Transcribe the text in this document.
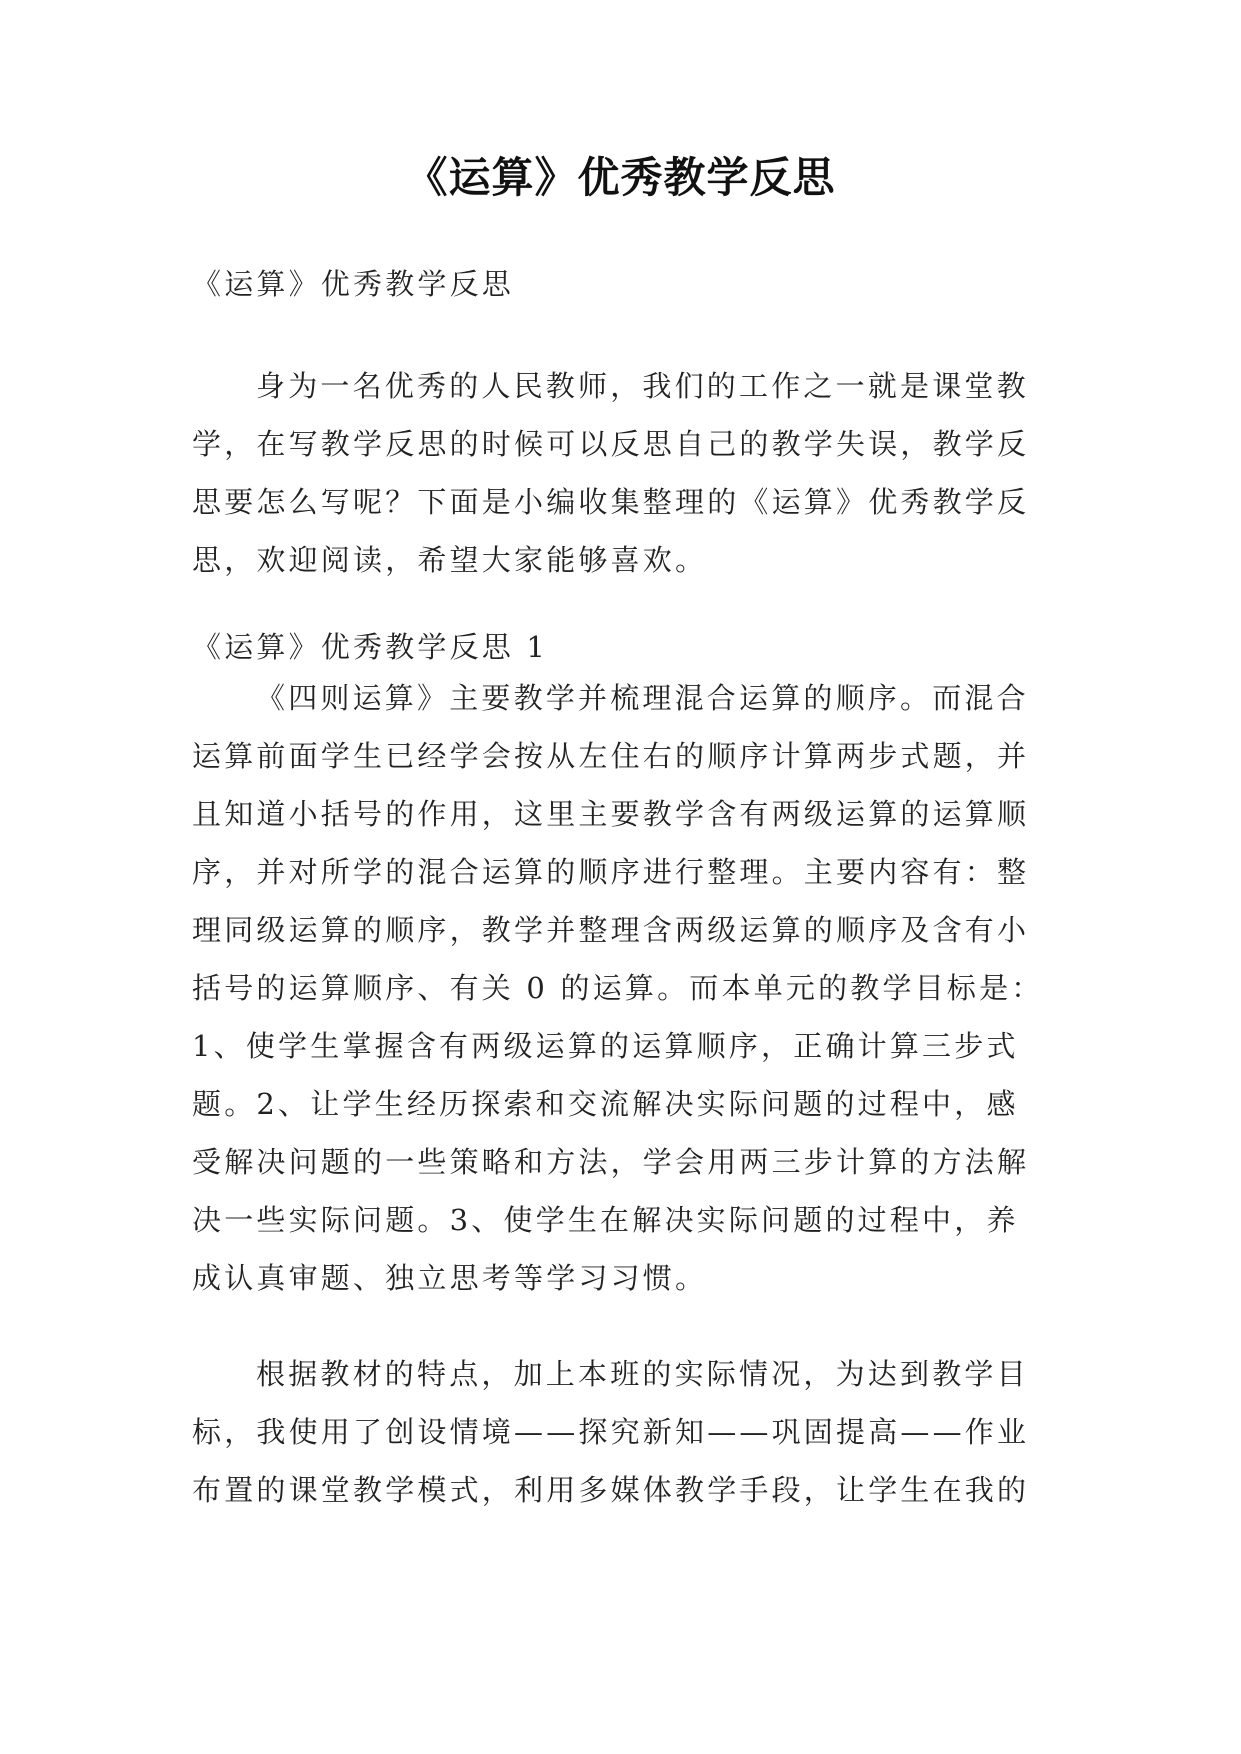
《运算》优秀教学反思
《运算》优秀教学反思
身为一名优秀的人民教师，我们的工作之一就是课堂教
学，在写教学反思的时候可以反思自己的教学失误，教学反
思要怎么写呢？下面是小编收集整理的《运算》优秀教学反
思，欢迎阅读，希望大家能够喜欢。
《运算》优秀教学反思 1
《四则运算》主要教学并梳理混合运算的顺序。而混合
运算前面学生已经学会按从左住右的顺序计算两步式题，并
且知道小括号的作用，这里主要教学含有两级运算的运算顺
序，并对所学的混合运算的顺序进行整理。主要内容有：整
理同级运算的顺序，教学并整理含两级运算的顺序及含有小
括号的运算顺序、有关 0 的运算。而本单元的教学目标是：
1、使学生掌握含有两级运算的运算顺序，正确计算三步式
题。2、让学生经历探索和交流解决实际问题的过程中，感
受解决问题的一些策略和方法，学会用两三步计算的方法解
决一些实际问题。3、使学生在解决实际问题的过程中，养
成认真审题、独立思考等学习习惯。
根据教材的特点，加上本班的实际情况，为达到教学目
标，我使用了创设情境——探究新知——巩固提高——作业
布置的课堂教学模式，利用多媒体教学手段，让学生在我的
